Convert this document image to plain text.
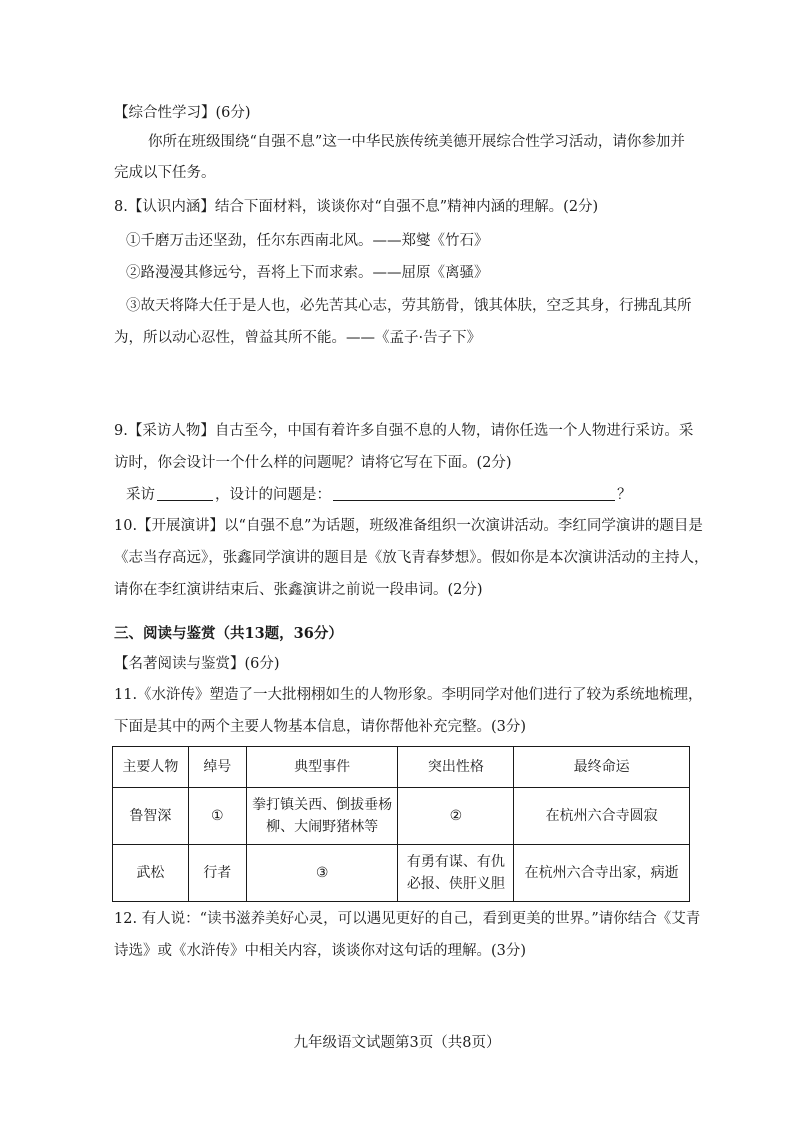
【综合性学习】(6分)
你所在班级围绕“自强不息”这一中华民族传统美德开展综合性学习活动，请你参加并
完成以下任务。
8.【认识内涵】结合下面材料，谈谈你对“自强不息”精神内涵的理解。(2分)
①千磨万击还坚劲，任尔东西南北风。——郑燮《竹石》
②路漫漫其修远兮，吾将上下而求索。——屈原《离骚》
③故天将降大任于是人也，必先苦其心志，劳其筋骨，饿其体肤，空乏其身，行拂乱其所
为，所以动心忍性，曾益其所不能。——《孟子·告子下》
9.【采访人物】自古至今，中国有着许多自强不息的人物，请你任选一个人物进行采访。采
访时，你会设计一个什么样的问题呢？请将它写在下面。(2分)
采访	，设计的问题是：	？
10.【开展演讲】以“自强不息”为话题，班级准备组织一次演讲活动。李红同学演讲的题目是
《志当存高远》，张鑫同学演讲的题目是《放飞青春梦想》。假如你是本次演讲活动的主持人，
请你在李红演讲结束后、张鑫演讲之前说一段串词。(2分)
三、阅读与鉴赏（共13题，36分）
【名著阅读与鉴赏】(6分)
11.《水浒传》塑造了一大批栩栩如生的人物形象。李明同学对他们进行了较为系统地梳理，
下面是其中的两个主要人物基本信息，请你帮他补充完整。(3分)
主要人物	绰号	典型事件	突出性格	最终命运
鲁智深	①	拳打镇关西、倒拔垂杨柳、大闹野猪林等	②	在杭州六合寺圆寂
武松	行者	③	有勇有谋、有仇必报、侠肝义胆	在杭州六合寺出家，病逝
12. 有人说：“读书滋养美好心灵，可以遇见更好的自己，看到更美的世界。”请你结合《艾青
诗选》或《水浒传》中相关内容，谈谈你对这句话的理解。(3分)
九年级语文试题第3页（共8页）
